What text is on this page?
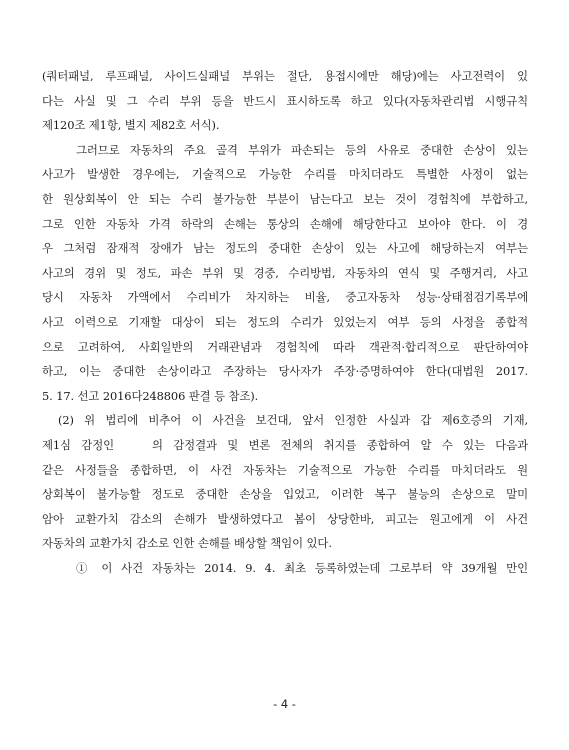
(쿼터패널, 루프패널, 사이드실패널 부위는 절단, 용접시에만 해당)에는 사고전력이 있
다는 사실 및 그 수리 부위 등을 반드시 표시하도록 하고 있다(자동차관리법 시행규칙
제120조 제1항, 별지 제82호 서식).
그러므로 자동차의 주요 골격 부위가 파손되는 등의 사유로 중대한 손상이 있는
사고가 발생한 경우에는, 기술적으로 가능한 수리를 마치더라도 특별한 사정이 없는
한 원상회복이 안 되는 수리 불가능한 부분이 남는다고 보는 것이 경험칙에 부합하고,
그로 인한 자동차 가격 하락의 손해는 통상의 손해에 해당한다고 보아야 한다. 이 경
우 그처럼 잠재적 장애가 남는 정도의 중대한 손상이 있는 사고에 해당하는지 여부는
사고의 경위 및 정도, 파손 부위 및 경중, 수리방법, 자동차의 연식 및 주행거리, 사고
당시 자동차 가액에서 수리비가 차지하는 비율, 중고자동차 성능·상태점검기록부에
사고 이력으로 기재할 대상이 되는 정도의 수리가 있었는지 여부 등의 사정을 종합적
으로 고려하여, 사회일반의 거래관념과 경험칙에 따라 객관적·합리적으로 판단하여야
하고, 이는 중대한 손상이라고 주장하는 당사자가 주장·증명하여야 한다(대법원 2017.
5. 17. 선고 2016다248806 판결 등 참조).
(2) 위 법리에 비추어 이 사건을 보건대, 앞서 인정한 사실과 갑 제6호증의 기재,
제1심 감정인	의 감정결과 및 변론 전체의 취지를 종합하여 알 수 있는 다음과
같은 사정들을 종합하면, 이 사건 자동차는 기술적으로 가능한 수리를 마치더라도 원
상회복이 불가능할 정도로 중대한 손상을 입었고, 이러한 복구 불능의 손상으로 말미
암아 교환가치 감소의 손해가 발생하였다고 봄이 상당한바, 피고는 원고에게 이 사건
자동차의 교환가치 감소로 인한 손해를 배상할 책임이 있다.
① 이 사건 자동차는 2014. 9. 4. 최초 등록하였는데 그로부터 약 39개월 만인
- 4 -
